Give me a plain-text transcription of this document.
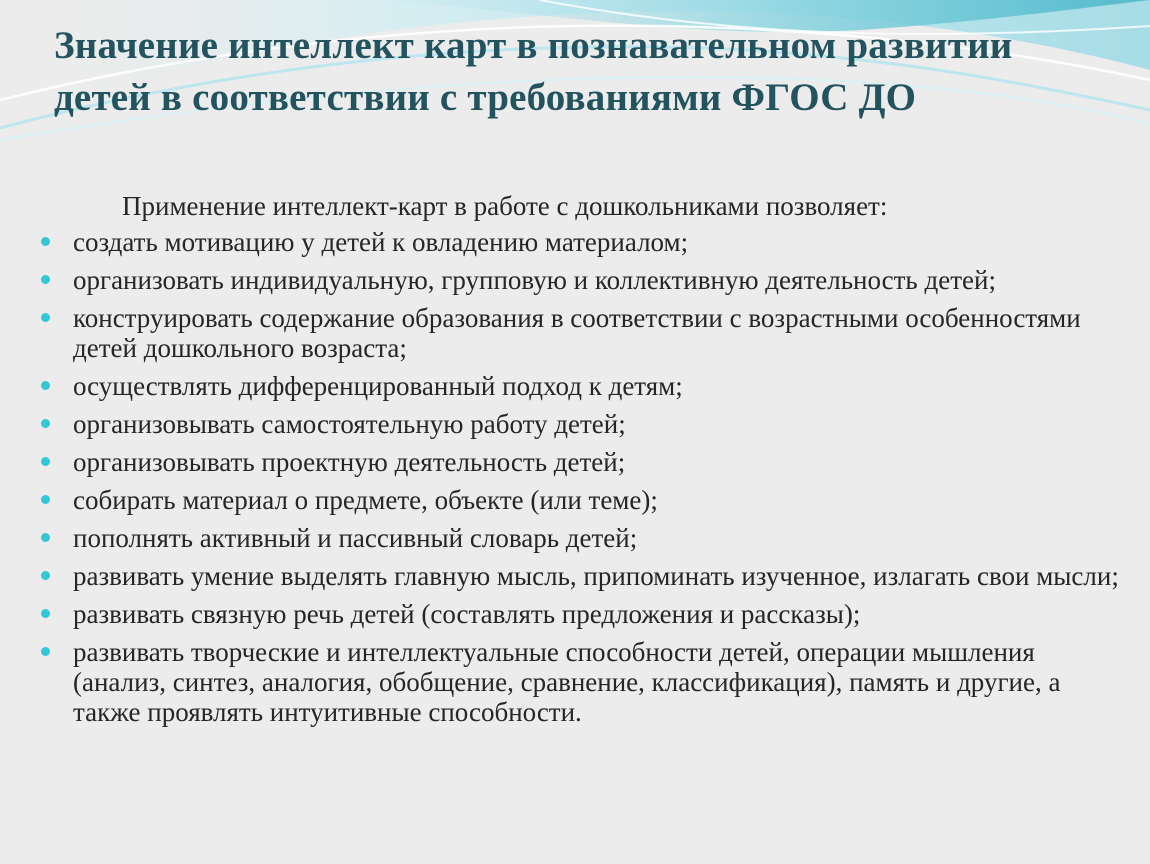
Значение интеллект карт в познавательном развитии детей в соответствии с требованиями ФГОС ДО

Применение интеллект-карт в работе с дошкольниками позволяет:

создать мотивацию у детей к овладению материалом;
организовать индивидуальную, групповую и коллективную деятельность детей;
конструировать содержание образования в соответствии с возрастными особенностями детей дошкольного возраста;
осуществлять дифференцированный подход к детям;
организовывать самостоятельную работу детей;
организовывать проектную деятельность детей;
собирать материал о предмете, объекте (или теме);
пополнять активный и пассивный словарь детей;
развивать умение выделять главную мысль, припоминать изученное, излагать свои мысли;
развивать связную речь детей (составлять предложения и рассказы);
развивать творческие и интеллектуальные способности детей, операции мышления (анализ, синтез, аналогия, обобщение, сравнение, классификация), память и другие, а также проявлять интуитивные способности.
